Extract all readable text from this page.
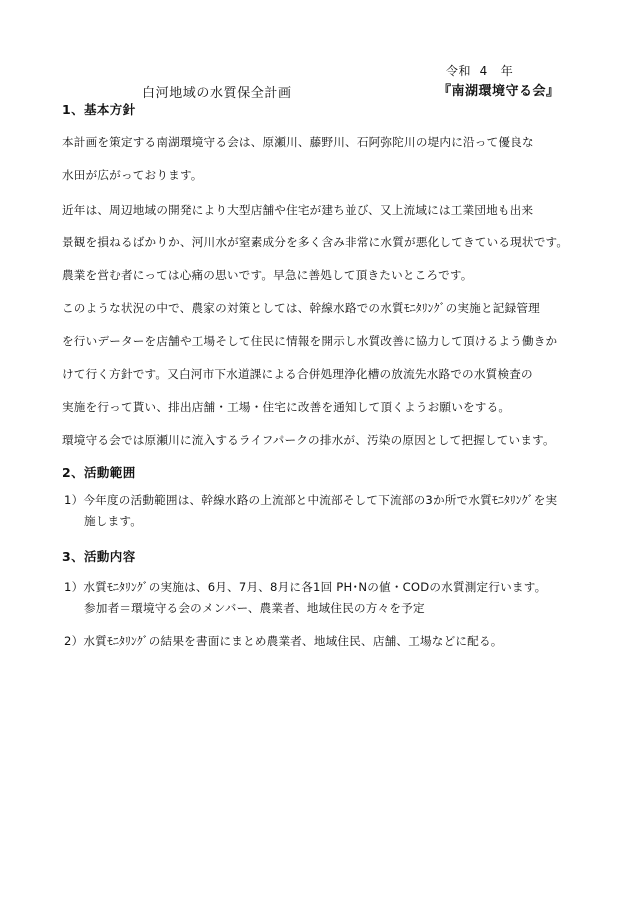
令和  4   年
白河地域の水質保全計画	『南湖環境守る会』
1、基本方針
本計画を策定する南湖環境守る会は、原瀬川、藤野川、石阿弥陀川の堤内に沿って優良な
水田が広がっております。
近年は、周辺地域の開発により大型店舗や住宅が建ち並び、又上流域には工業団地も出来
景観を損ねるばかりか、河川水が窒素成分を多く含み非常に水質が悪化してきている現状です。
農業を営む者にっては心痛の思いです。早急に善処して頂きたいところです。
このような状況の中で、農家の対策としては、幹線水路での水質ﾓﾆﾀﾘﾝｸﾞの実施と記録管理
を行いデーターを店舗や工場そして住民に情報を開示し水質改善に協力して頂けるよう働きか
けて行く方針です。又白河市下水道課による合併処理浄化槽の放流先水路での水質検査の
実施を行って貰い、排出店舗・工場・住宅に改善を通知して頂くようお願いをする。
環境守る会では原瀬川に流入するライフパークの排水が、汚染の原因として把握しています。
2、活動範囲
1）今年度の活動範囲は、幹線水路の上流部と中流部そして下流部の3か所で水質ﾓﾆﾀﾘﾝｸﾞを実
施します。
3、活動内容
1）水質ﾓﾆﾀﾘﾝｸﾞの実施は、6月、7月、8月に各1回 PH･Nの値・CODの水質測定行います。
参加者＝環境守る会のメンバー、農業者、地域住民の方々を予定
2）水質ﾓﾆﾀﾘﾝｸﾞの結果を書面にまとめ農業者、地域住民、店舗、工場などに配る。
